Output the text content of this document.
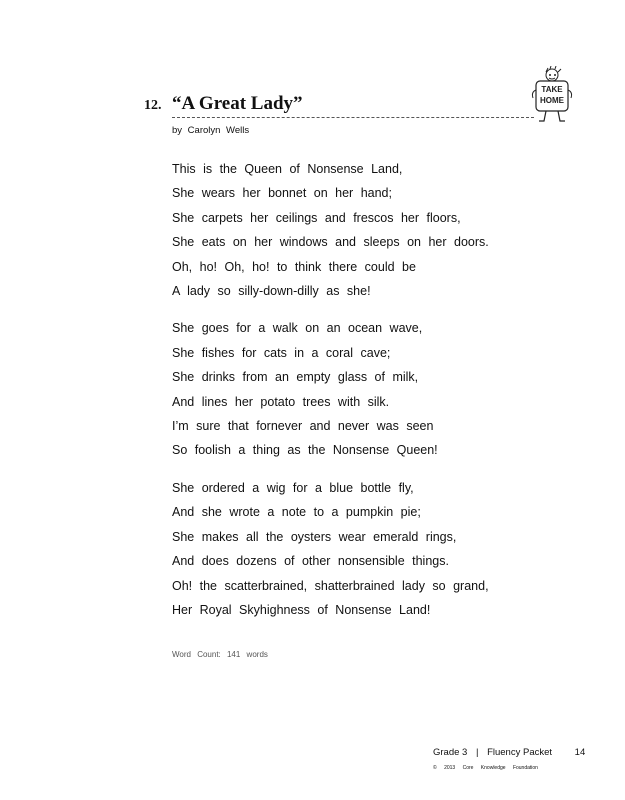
12. “A Great Lady”
by Carolyn Wells
TAKE
HOME
This is the Queen of Nonsense Land,
She wears her bonnet on her hand;
She carpets her ceilings and frescos her floors,
She eats on her windows and sleeps on her doors.
Oh, ho! Oh, ho! to think there could be
A lady so silly-down-dilly as she!
She goes for a walk on an ocean wave,
She fishes for cats in a coral cave;
She drinks from an empty glass of milk,
And lines her potato trees with silk.
I’m sure that fornever and never was seen
So foolish a thing as the Nonsense Queen!
She ordered a wig for a blue bottle fly,
And she wrote a note to a pumpkin pie;
She makes all the oysters wear emerald rings,
And does dozens of other nonsensible things.
Oh! the scatterbrained, shatterbrained lady so grand,
Her Royal Skyhighness of Nonsense Land!
Word Count: 141 words
Grade 3 | Fluency Packet 14
© 2013 Core Knowledge Foundation
